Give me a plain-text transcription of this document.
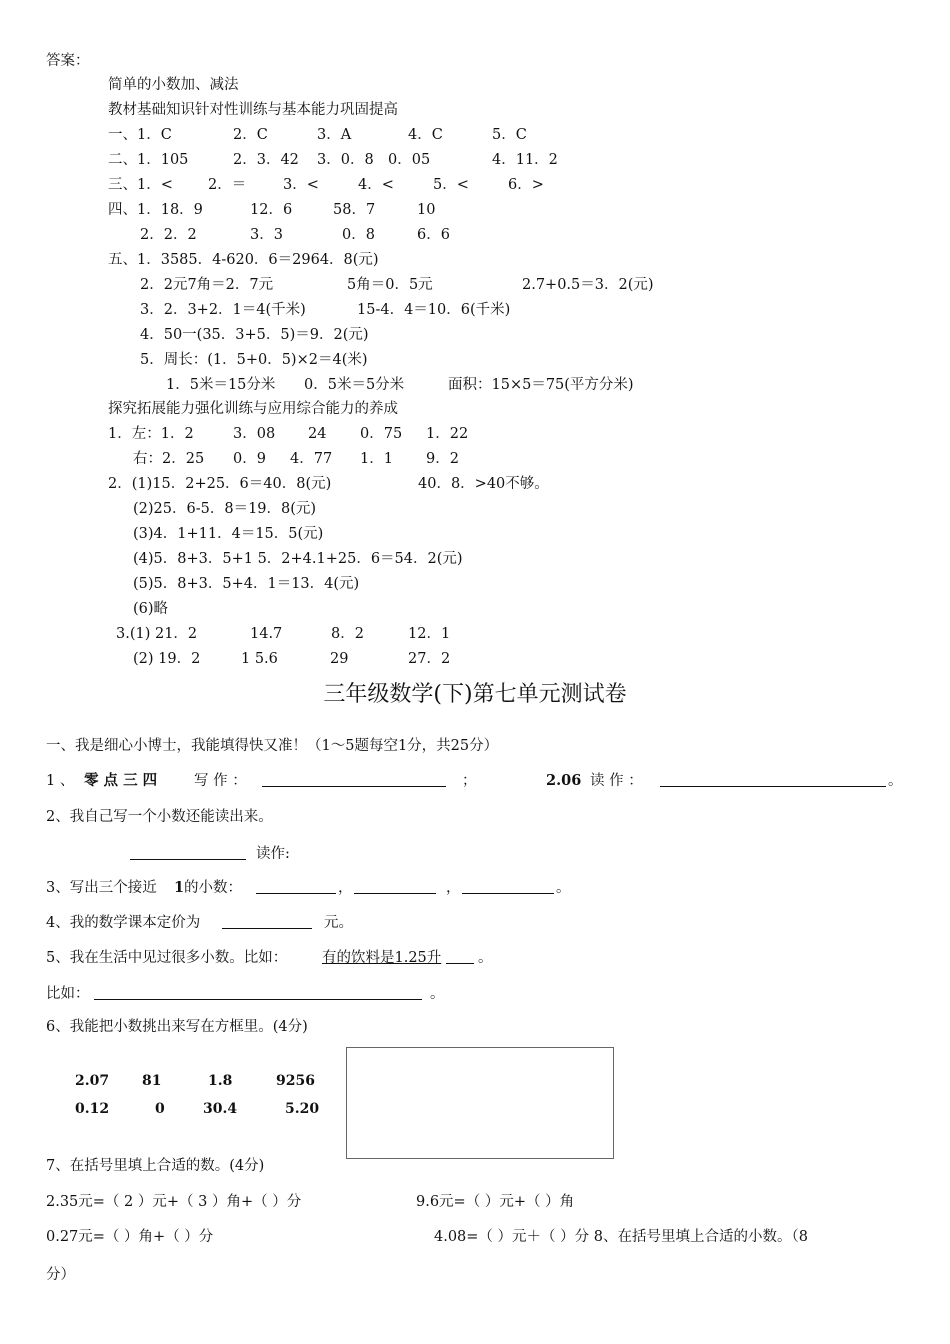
答案：
简单的小数加、减法
教材基础知识针对性训练与基本能力巩固提高
一、1．C	2．C	3．A	4．C	5．C
二、1．105	2．3．42 3．0．8 0．05	4．11．2
三、1．< 2．＝	3．<	4．<	5．<	6．>
四、1．18．9	12．6	58．7	10
2．2．2	3．3	0．8	6．6
五、1．3585．4-620．6＝2964．8(元)
2．2元7角＝2．7元	5角＝0．5元	2.7+0.5＝3．2(元)
3．2．3+2．1＝4(千米)	15-4．4＝10．6(千米)
4．50一(35．3+5．5)＝9．2(元)
5．周长：(1．5+0．5)×2＝4(米)
1．5米＝15分米 0．5米＝5分米	面积：15×5＝75(平方分米)
探究拓展能力强化训练与应用综合能力的养成
1．左：1．2	3．08 24 0．75 1．22
右：2．25 0．9 4．77 1．1 9．2
2．(1)15．2+25．6＝40．8(元)	40．8．>40不够。
(2)25．6-5．8＝19．8(元)
(3)4．1+11．4＝15．5(元)
(4)5．8+3．5+1 5．2+4.1+25．6＝54．2(元)
(5)5．8+3．5+4．1＝13．4(元)
(6)略
3.(1) 21．2	14.7	8．2	12．1
(2) 19．2	1 5.6	29	27．2
三年级数学(下)第七单元测试卷
一、我是细心小博士，我能填得快又准！（1～5题每空1分，共25分）
1 、 零 点 三 四	写 作 ：	；	2.06 读 作 ：	。
2、我自己写一个小数还能读出来。
读作:
3、写出三个接近 1 的小数：	，	，	。
4、我的数学课本定价为	元。
5、我在生活中见过很多小数。比如： 有的饮料是1.25升	。
比如：	。
6、我能把小数挑出来写在方框里。(4分)
2.07 81	1.8	9256
0.12	0	30.4	5.20
7、在括号里填上合适的数。(4分)
2.35元=（ 2 ）元+（ 3 ）角+（ ）分	9.6元=（ ）元+（ ）角
0.27元=（ ）角+（ ）分	4.08=（ ）元＋（ ）分 8、在括号里填上合适的小数。（8
分）
